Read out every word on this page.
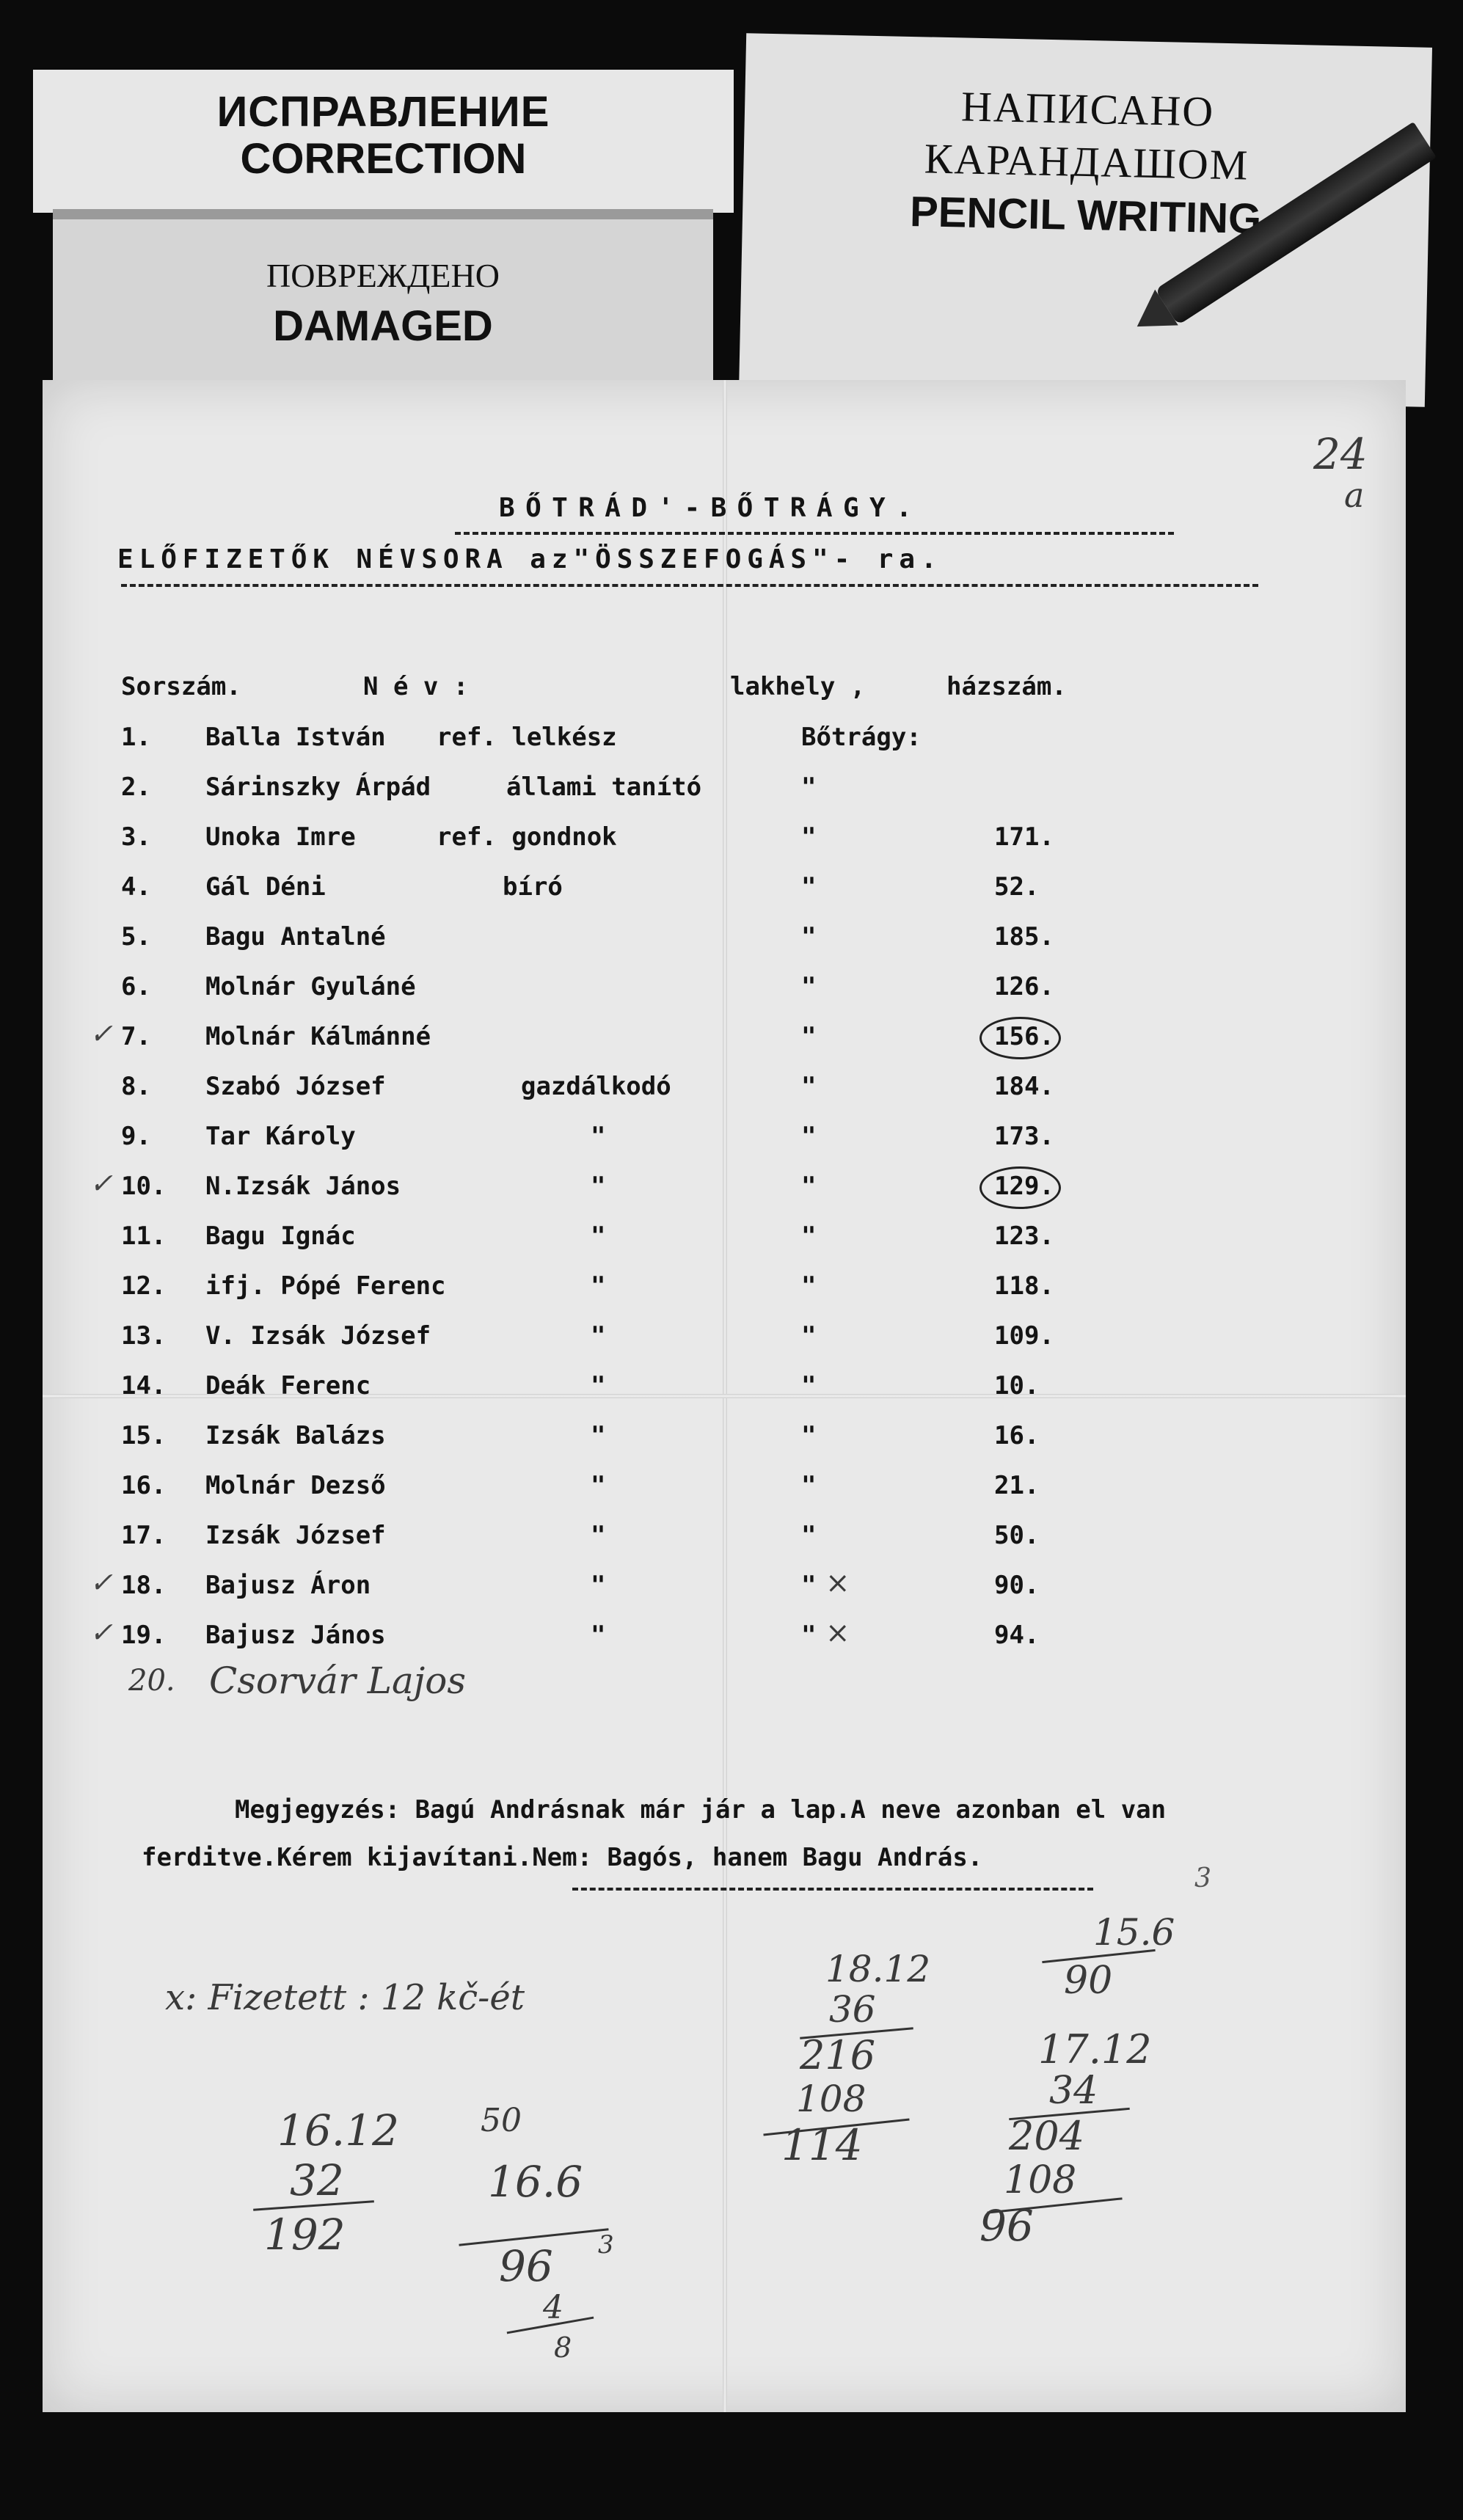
ИСПРАВЛЕНИЕ
CORRECTION
ПОВРЕЖДЕНО
DAMAGED
НАПИСАНО
КАРАНДАШОМ
PENCIL WRITING
24
a
BŐTRÁD'-BŐTRÁGY.
ELŐFIZETŐK NÉVSORA az"ÖSSZEFOGÁS"- ra.
Sorszám.	N é v :	lakhely ,	házszám.
1. Balla István ref. lelkész	Bőtrágy:
2. Sárinszky Árpád	állami tanító	"
3. Unoka Imre	ref. gondnok	"	171.
4. Gál Déni	bíró	"	52.
5. Bagu Antalné	"	185.
6. Molnár Gyuláné	"	126.
7. Molnár Kálmánné	"	156.
✓
8. Szabó József	gazdálkodó	"	184.
9. Tar Károly	"	"	173.
10. N.Izsák János	"	"	129.
✓
11. Bagu Ignác	"	"	123.
12. ifj. Pópé Ferenc	"	"	118.
13. V. Izsák József	"	"	109.
14. Deák Ferenc	"	"	10.
15. Izsák Balázs	"	"	16.
16. Molnár Dezső	"	"	21.
17. Izsák József	"	"	50.
18. Bajusz Áron	"	"	90.
✓	×
19. Bajusz János	"	"	94.
✓	×
20. Csorvár Lajos
Megjegyzés: Bagú Andrásnak már jár a lap.A neve azonban el van
ferditve.Kérem kijavítani.Nem: Bagós, hanem Bagu András.
3
x: Fizetett : 12 kč-ét
16.12
32
192
50
16.6
96 3
4
8
18.12
36
216
108
114
15.6
90
17.12
34
204
108
96
